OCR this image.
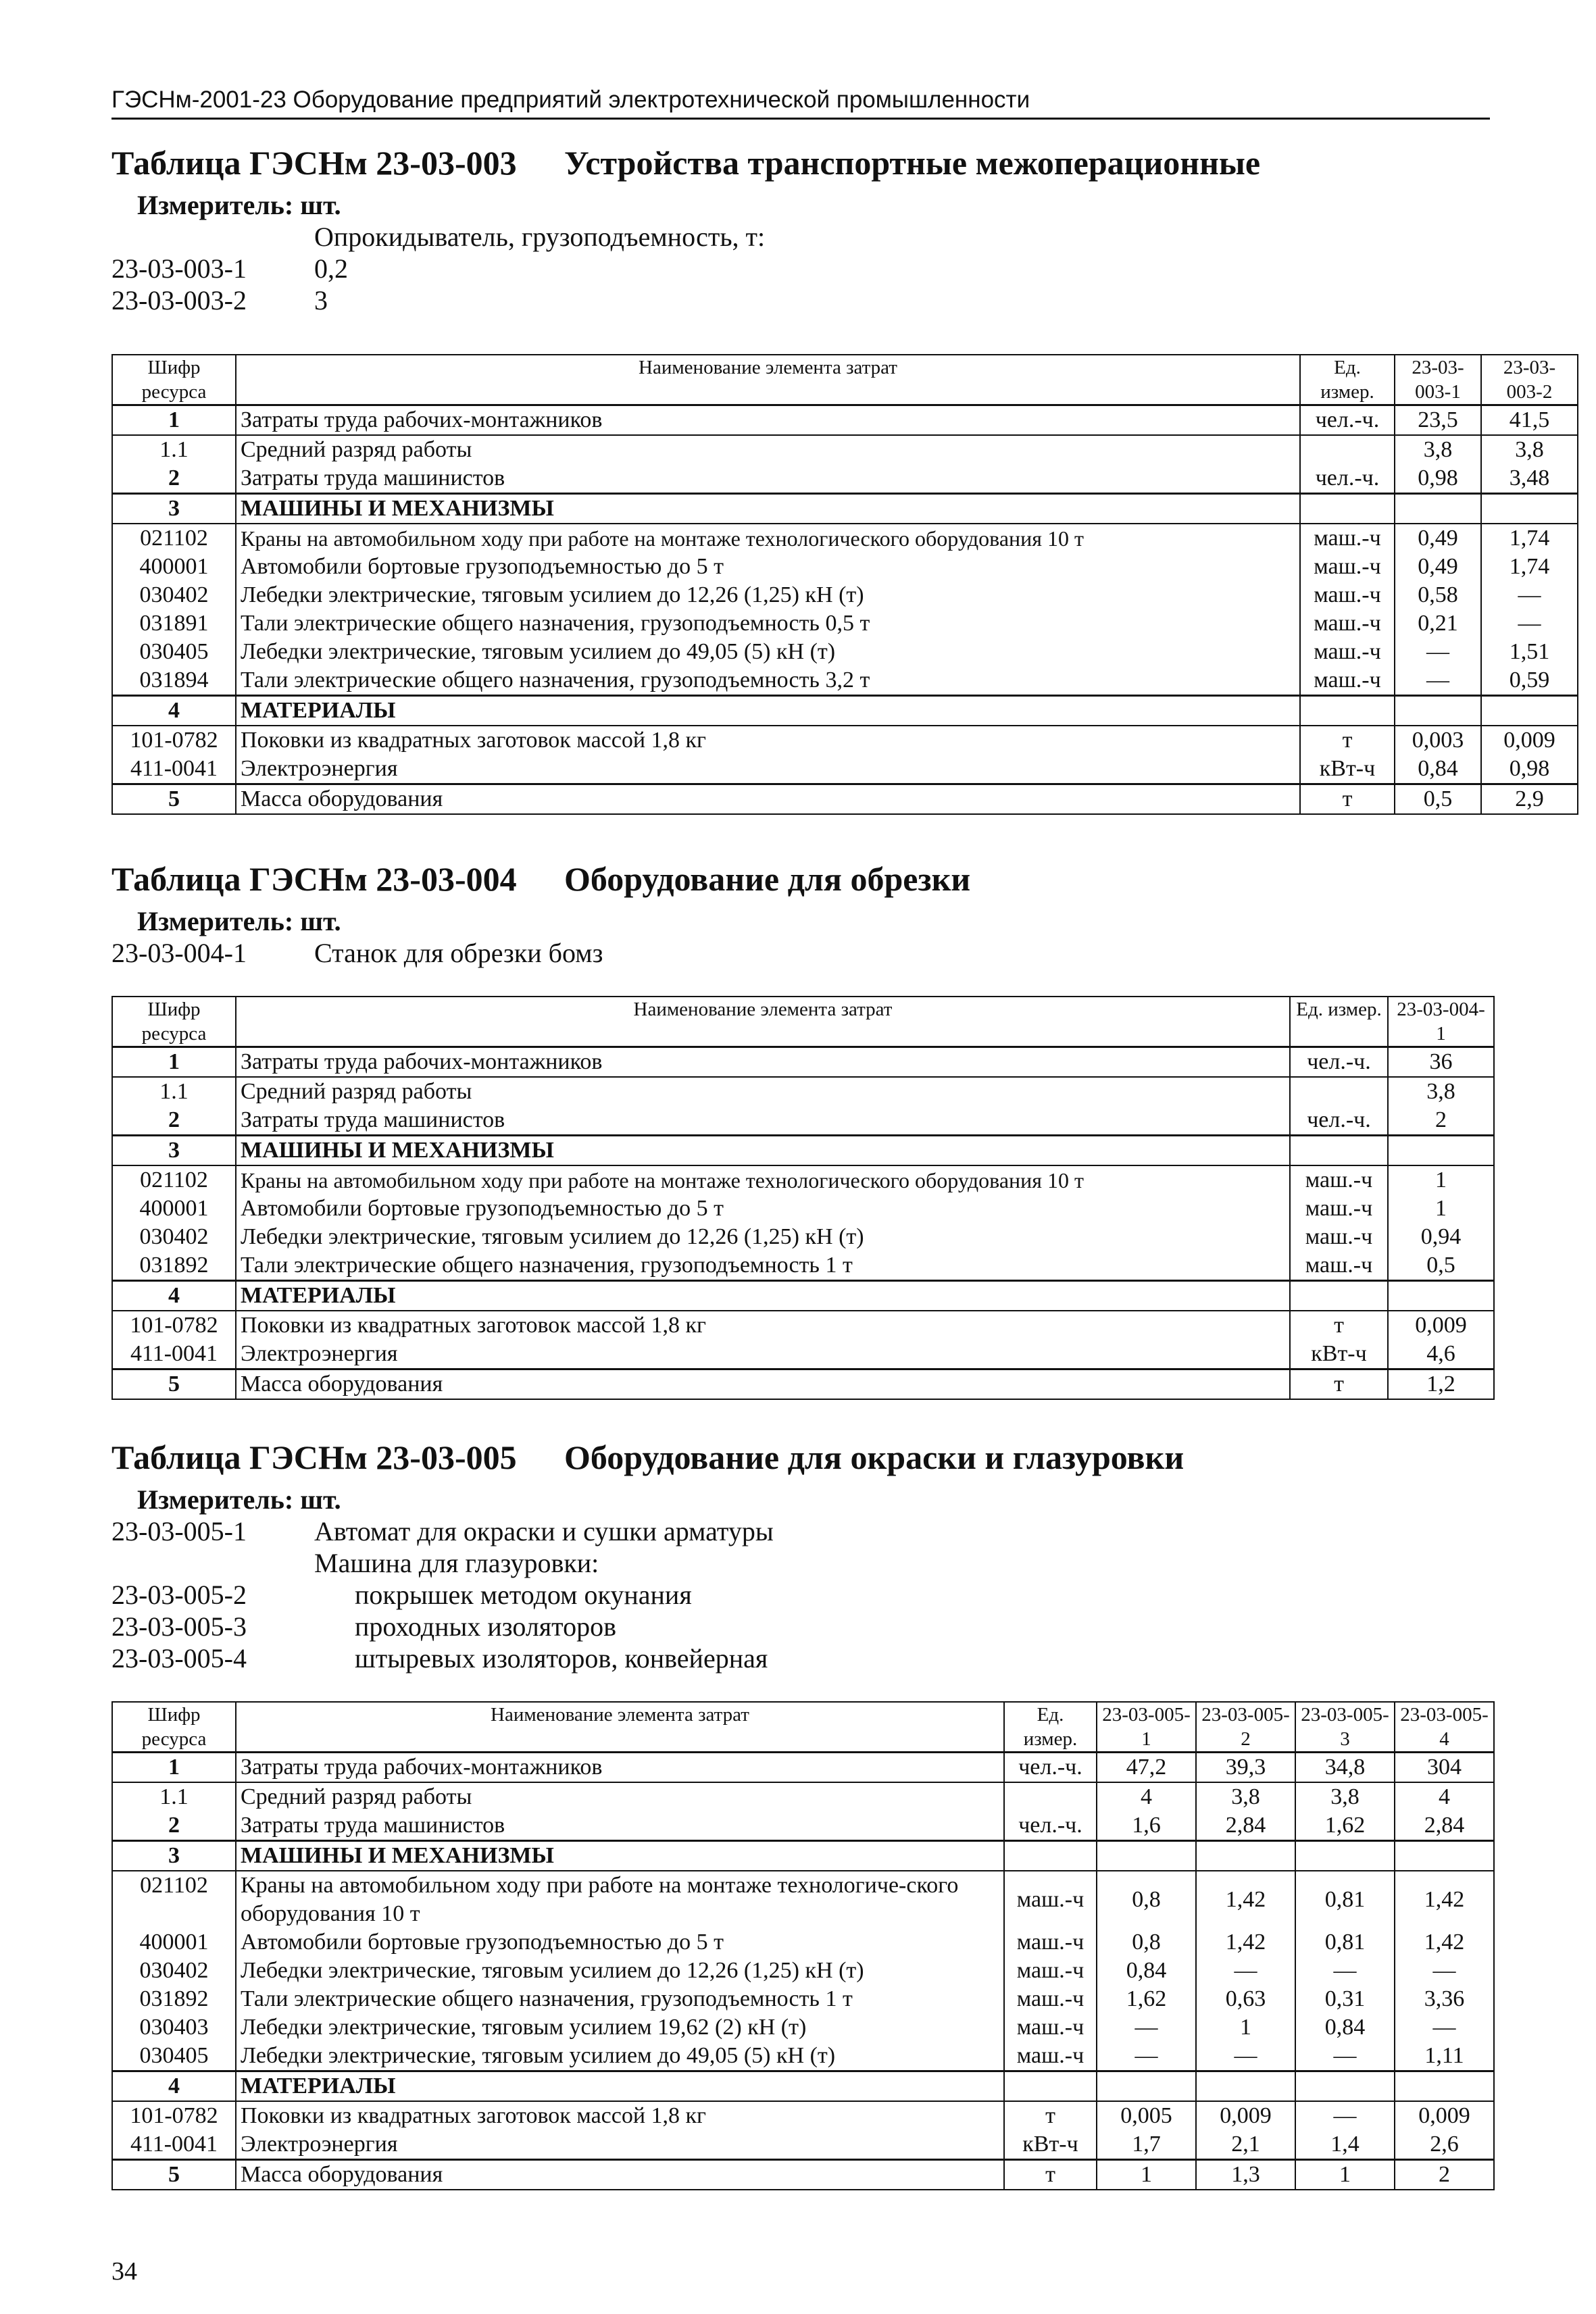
ГЭСНм-2001-23 Оборудование предприятий электротехнической промышленности
Таблица ГЭСНм 23-03-003 Устройства транспортные межоперационные
Измеритель: шт.
Опрокидыватель, грузоподъемность, т:
23-03-003-1	0,2
23-03-003-2	3
Шифр ресурса	Наименование элемента затрат	Ед. измер.	23-03-003-1	23-03-003-2
1	Затраты труда рабочих-монтажников	чел.-ч.	23,5	41,5
1.1	Средний разряд работы		3,8	3,8
2	Затраты труда машинистов	чел.-ч.	0,98	3,48
3	МАШИНЫ И МЕХАНИЗМЫ			
021102	Краны на автомобильном ходу при работе на монтаже технологического оборудования 10 т	маш.-ч	0,49	1,74
400001	Автомобили бортовые грузоподъемностью до 5 т	маш.-ч	0,49	1,74
030402	Лебедки электрические, тяговым усилием до 12,26 (1,25) кН (т)	маш.-ч	0,58	—
031891	Тали электрические общего назначения, грузоподъемность 0,5 т	маш.-ч	0,21	—
030405	Лебедки электрические, тяговым усилием до 49,05 (5) кН (т)	маш.-ч	—	1,51
031894	Тали электрические общего назначения, грузоподъемность 3,2 т	маш.-ч	—	0,59
4	МАТЕРИАЛЫ			
101-0782	Поковки из квадратных заготовок массой 1,8 кг	т	0,003	0,009
411-0041	Электроэнергия	кВт-ч	0,84	0,98
5	Масса оборудования	т	0,5	2,9
Таблица ГЭСНм 23-03-004 Оборудование для обрезки
Измеритель: шт.
23-03-004-1	Станок для обрезки бомз
Шифр ресурса	Наименование элемента затрат	Ед. измер.	23-03-004-1
1	Затраты труда рабочих-монтажников	чел.-ч.	36
1.1	Средний разряд работы		3,8
2	Затраты труда машинистов	чел.-ч.	2
3	МАШИНЫ И МЕХАНИЗМЫ		
021102	Краны на автомобильном ходу при работе на монтаже технологического оборудования 10 т	маш.-ч	1
400001	Автомобили бортовые грузоподъемностью до 5 т	маш.-ч	1
030402	Лебедки электрические, тяговым усилием до 12,26 (1,25) кН (т)	маш.-ч	0,94
031892	Тали электрические общего назначения, грузоподъемность 1 т	маш.-ч	0,5
4	МАТЕРИАЛЫ		
101-0782	Поковки из квадратных заготовок массой 1,8 кг	т	0,009
411-0041	Электроэнергия	кВт-ч	4,6
5	Масса оборудования	т	1,2
Таблица ГЭСНм 23-03-005 Оборудование для окраски и глазуровки
Измеритель: шт.
23-03-005-1	Автомат для окраски и сушки арматуры
Машина для глазуровки:
23-03-005-2	покрышек методом окунания
23-03-005-3	проходных изоляторов
23-03-005-4	штыревых изоляторов, конвейерная
Шифр ресурса	Наименование элемента затрат	Ед. измер.	23-03-005-1	23-03-005-2	23-03-005-3	23-03-005-4
1	Затраты труда рабочих-монтажников	чел.-ч.	47,2	39,3	34,8	304
1.1	Средний разряд работы		4	3,8	3,8	4
2	Затраты труда машинистов	чел.-ч.	1,6	2,84	1,62	2,84
3	МАШИНЫ И МЕХАНИЗМЫ					
021102	Краны на автомобильном ходу при работе на монтаже технологиче-ского оборудования 10 т	маш.-ч	0,8	1,42	0,81	1,42
400001	Автомобили бортовые грузоподъемностью до 5 т	маш.-ч	0,8	1,42	0,81	1,42
030402	Лебедки электрические, тяговым усилием до 12,26 (1,25) кН (т)	маш.-ч	0,84	—	—	—
031892	Тали электрические общего назначения, грузоподъемность 1 т	маш.-ч	1,62	0,63	0,31	3,36
030403	Лебедки электрические, тяговым усилием 19,62 (2) кН (т)	маш.-ч	—	1	0,84	—
030405	Лебедки электрические, тяговым усилием до 49,05 (5) кН (т)	маш.-ч	—	—	—	1,11
4	МАТЕРИАЛЫ					
101-0782	Поковки из квадратных заготовок массой 1,8 кг	т	0,005	0,009	—	0,009
411-0041	Электроэнергия	кВт-ч	1,7	2,1	1,4	2,6
5	Масса оборудования	т	1	1,3	1	2
34
